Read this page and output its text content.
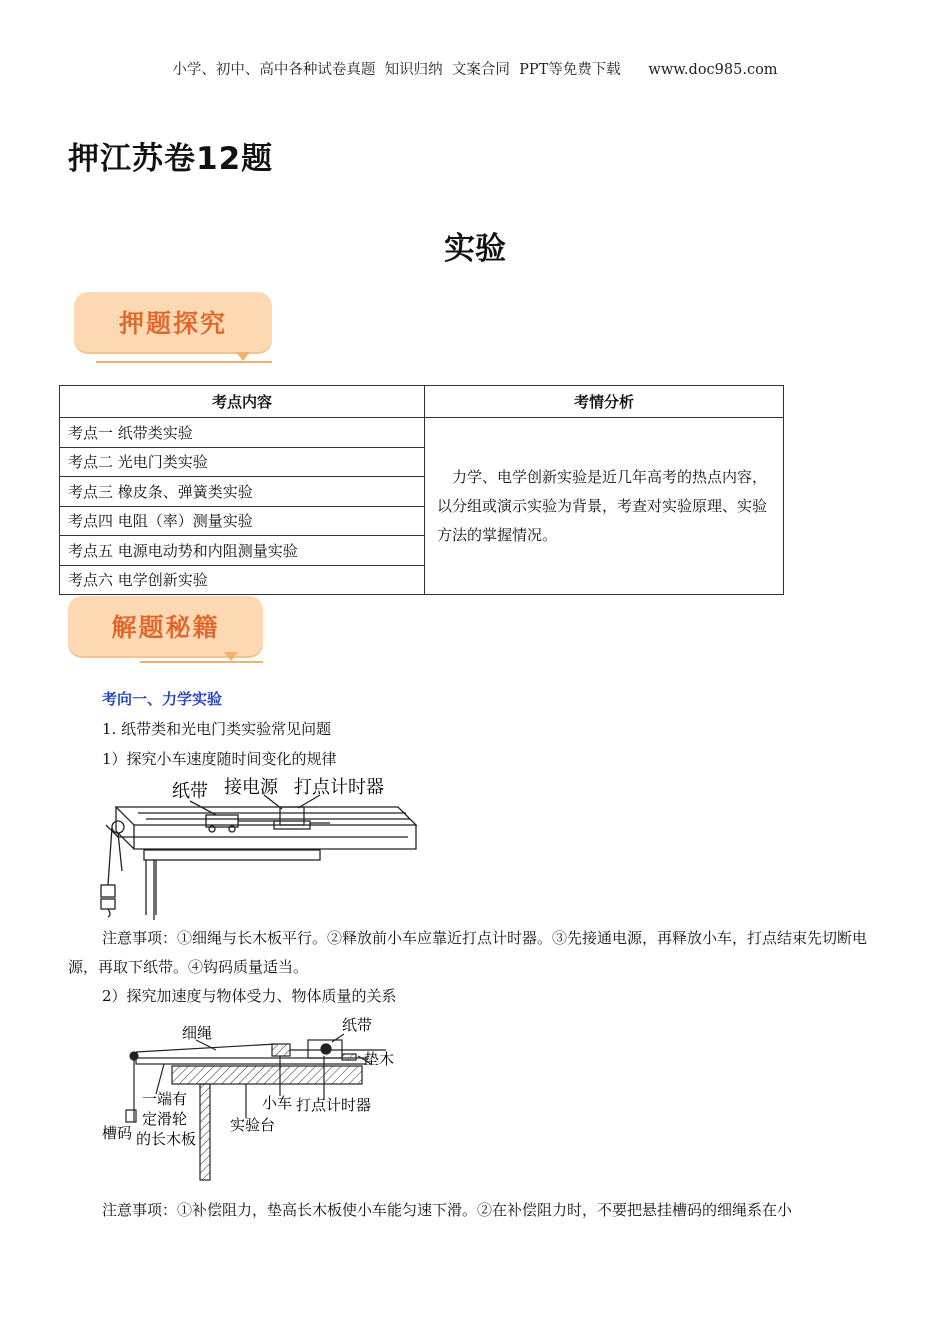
小学、初中、高中各种试卷真题  知识归纳  文案合同  PPT等免费下载      www.doc985.com
押江苏卷12题
实验
押题探究
考点内容	考情分析
考点一 纸带类实验	力学、电学创新实验是近几年高考的热点内容，以分组或演示实验为背景，考查对实验原理、实验方法的掌握情况。

考点二 光电门类实验	
考点三 橡皮条、弹簧类实验	
考点四 电阻（率）测量实验	
考点五 电源电动势和内阻测量实验	
考点六 电学创新实验	
解题秘籍
考向一、力学实验
1. 纸带类和光电门类实验常见问题
1）探究小车速度随时间变化的规律
纸带 接电源 打点计时器
注意事项：①细绳与长木板平行。②释放前小车应靠近打点计时器。③先接通电源，再释放小车，打点结束先切断电源，再取下纸带。④钩码质量适当。
2）探究加速度与物体受力、物体质量的关系
细绳	纸带
垫木
小车 打点计时器
一端有
定滑轮
的长木板
槽码	实验台
注意事项：①补偿阻力，垫高长木板使小车能匀速下滑。②在补偿阻力时，不要把悬挂槽码的细绳系在小
